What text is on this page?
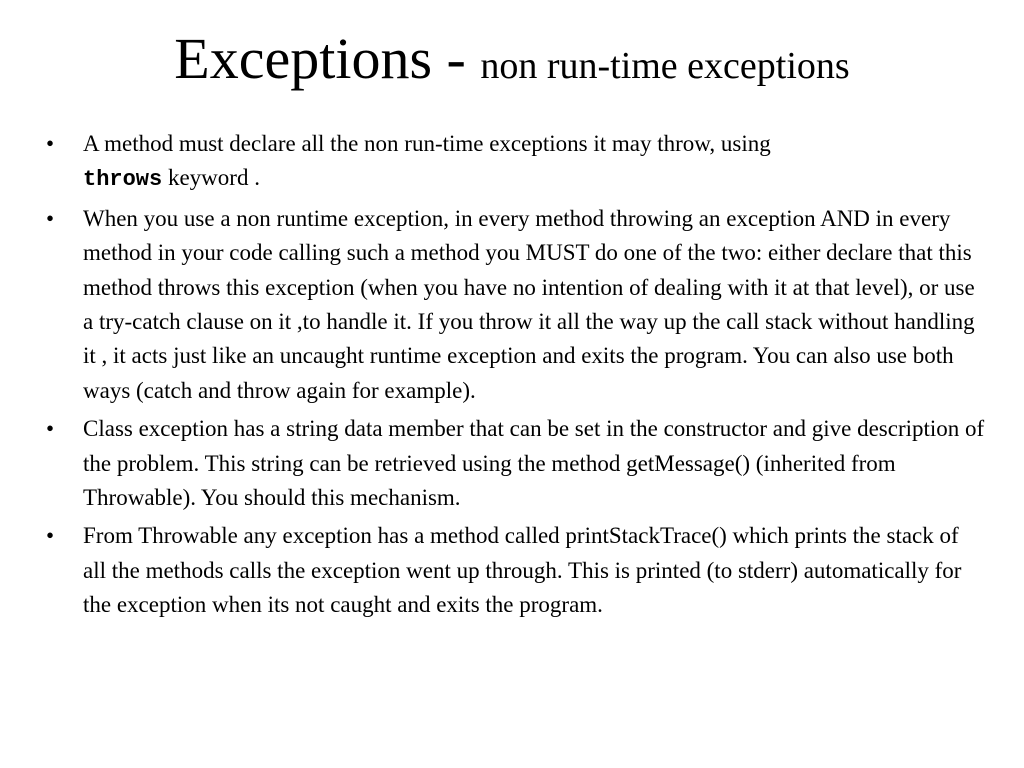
Exceptions - non run-time exceptions
• A method must declare all the non run-time exceptions it may throw, using
throws keyword .
• When you use a non runtime exception, in every method throwing an exception AND in every method in your code calling such a method you MUST do one of the two: either declare that this method throws this exception (when you have no intention of dealing with it at that level), or use a try-catch clause on it ,to handle it. If you throw it all the way up the call stack without handling it , it acts just like an uncaught runtime exception and exits the program. You can also use both ways (catch and throw again for example).
• Class exception has a string data member that can be set in the constructor and give description of the problem. This string can be retrieved using the method getMessage() (inherited from Throwable). You should this mechanism.
• From Throwable any exception has a method called printStackTrace() which prints the stack of all the methods calls the exception went up through. This is printed (to stderr) automatically for the exception when its not caught and exits the program.
